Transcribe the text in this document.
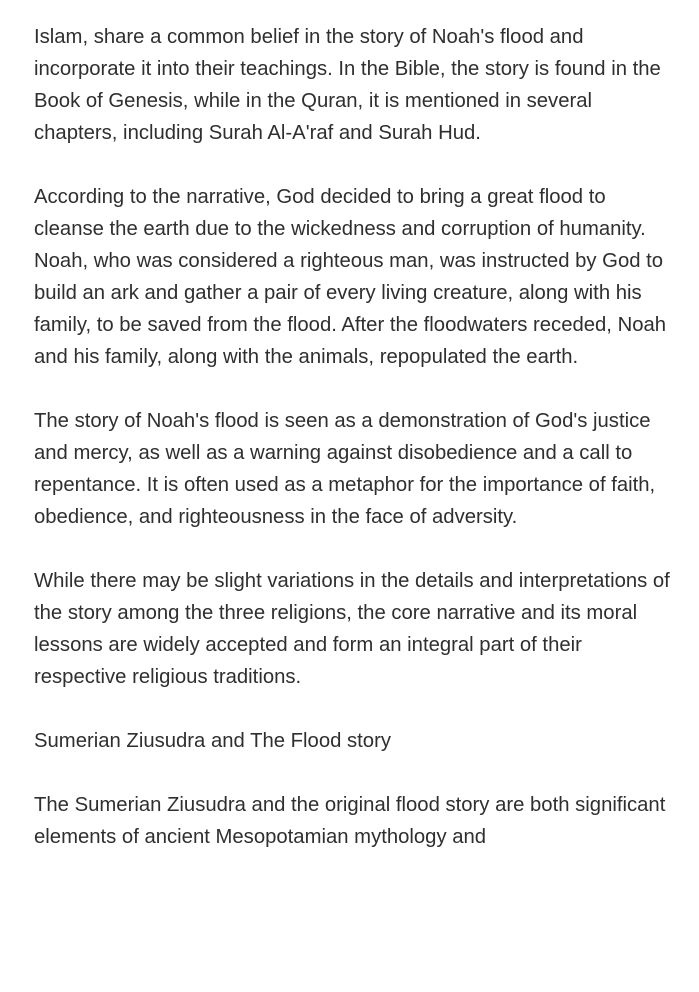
Islam, share a common belief in the story of Noah's flood and incorporate it into their teachings. In the Bible, the story is found in the Book of Genesis, while in the Quran, it is mentioned in several chapters, including Surah Al-A'raf and Surah Hud.

According to the narrative, God decided to bring a great flood to cleanse the earth due to the wickedness and corruption of humanity. Noah, who was considered a righteous man, was instructed by God to build an ark and gather a pair of every living creature, along with his family, to be saved from the flood. After the floodwaters receded, Noah and his family, along with the animals, repopulated the earth.

The story of Noah's flood is seen as a demonstration of God's justice and mercy, as well as a warning against disobedience and a call to repentance. It is often used as a metaphor for the importance of faith, obedience, and righteousness in the face of adversity.

While there may be slight variations in the details and interpretations of the story among the three religions, the core narrative and its moral lessons are widely accepted and form an integral part of their respective religious traditions.

Sumerian Ziusudra and The Flood story

The Sumerian Ziusudra and the original flood story are both significant elements of ancient Mesopotamian mythology and
